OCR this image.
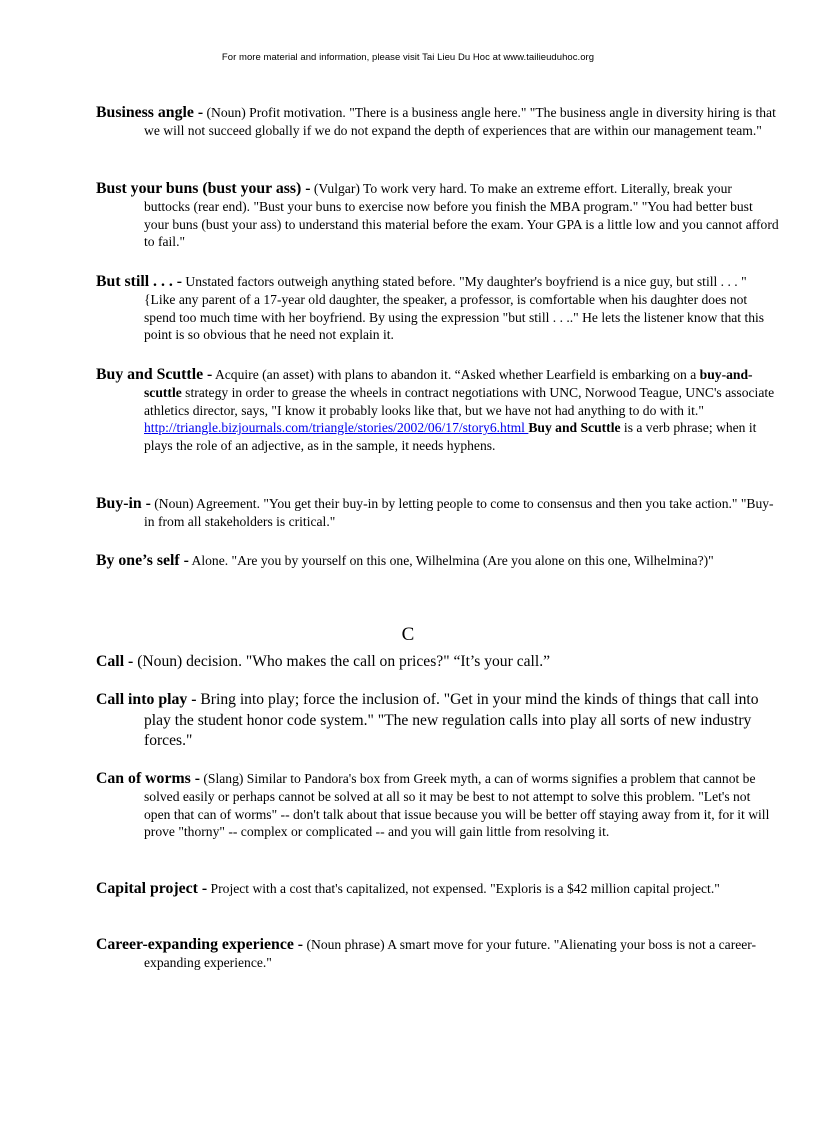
For more material and information, please visit Tai Lieu Du Hoc at www.tailieuduhoc.org
Business angle - (Noun) Profit motivation. "There is a business angle here." "The business angle in diversity hiring is that we will not succeed globally if we do not expand the depth of experiences that are within our management team."
Bust your buns (bust your ass) - (Vulgar) To work very hard. To make an extreme effort. Literally, break your buttocks (rear end). "Bust your buns to exercise now before you finish the MBA program." "You had better bust your buns (bust your ass) to understand this material before the exam. Your GPA is a little low and you cannot afford to fail."
But still . . . - Unstated factors outweigh anything stated before. "My daughter's boyfriend is a nice guy, but still . . . " {Like any parent of a 17-year old daughter, the speaker, a professor, is comfortable when his daughter does not spend too much time with her boyfriend. By using the expression "but still . . .." He lets the listener know that this point is so obvious that he need not explain it.
Buy and Scuttle - Acquire (an asset) with plans to abandon it. “Asked whether Learfield is embarking on a buy-and-scuttle strategy in order to grease the wheels in contract negotiations with UNC, Norwood Teague, UNC's associate athletics director, says, "I know it probably looks like that, but we have not had anything to do with it." http://triangle.bizjournals.com/triangle/stories/2002/06/17/story6.html Buy and Scuttle is a verb phrase; when it plays the role of an adjective, as in the sample, it needs hyphens.
Buy-in - (Noun) Agreement. "You get their buy-in by letting people to come to consensus and then you take action." "Buy-in from all stakeholders is critical."
By one’s self - Alone. "Are you by yourself on this one, Wilhelmina (Are you alone on this one, Wilhelmina?)"
C
Call - (Noun) decision. "Who makes the call on prices?" “It’s your call.”
Call into play - Bring into play; force the inclusion of. "Get in your mind the kinds of things that call into play the student honor code system." "The new regulation calls into play all sorts of new industry forces."
Can of worms - (Slang) Similar to Pandora's box from Greek myth, a can of worms signifies a problem that cannot be solved easily or perhaps cannot be solved at all so it may be best to not attempt to solve this problem. "Let's not open that can of worms" -- don't talk about that issue because you will be better off staying away from it, for it will prove "thorny" -- complex or complicated -- and you will gain little from resolving it.
Capital project - Project with a cost that's capitalized, not expensed. "Exploris is a $42 million capital project."
Career-expanding experience - (Noun phrase) A smart move for your future. "Alienating your boss is not a career-expanding experience."
